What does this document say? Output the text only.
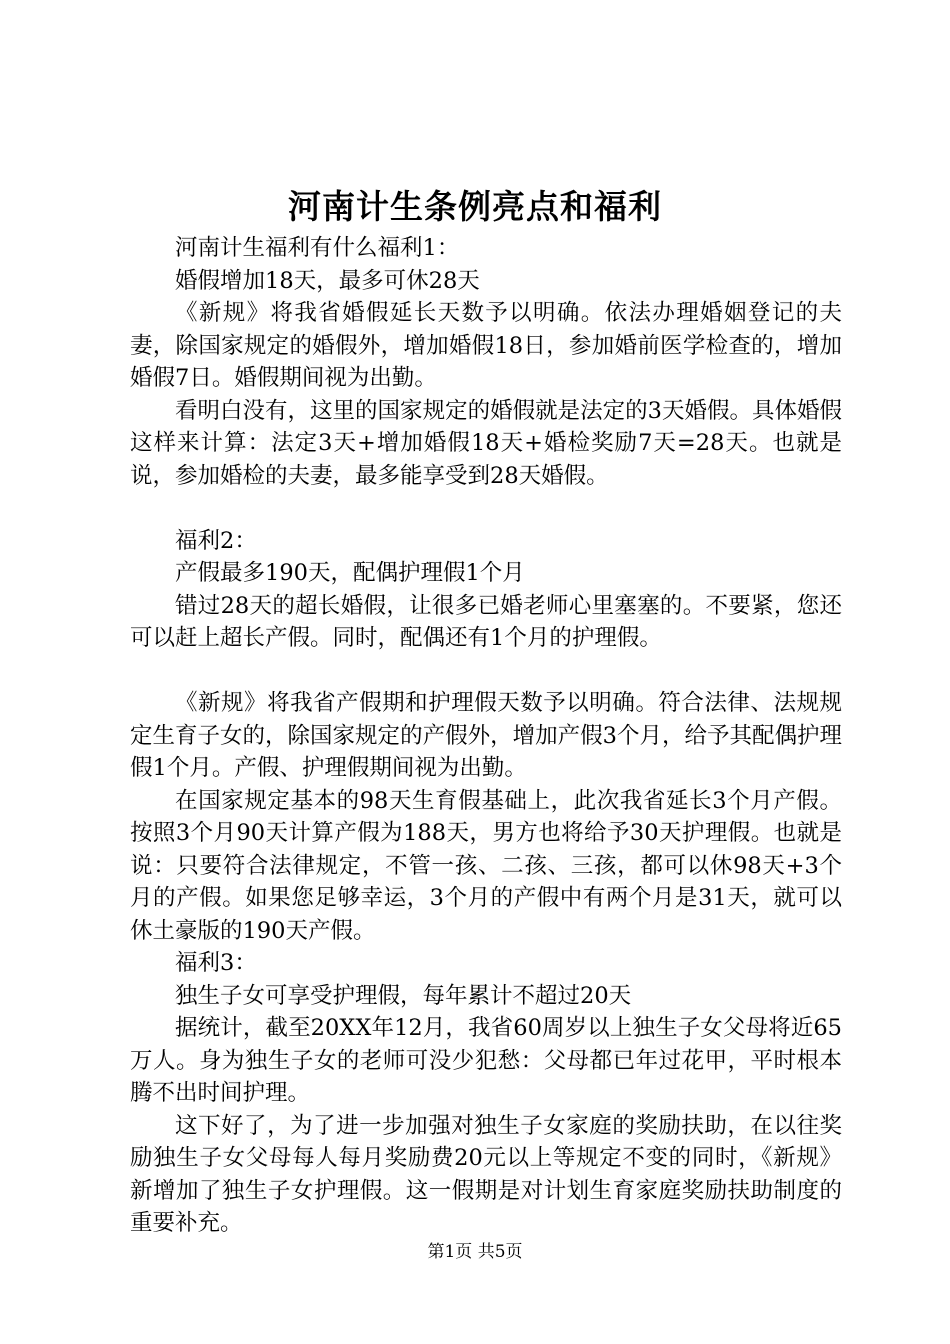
河南计生条例亮点和福利

河南计生福利有什么福利1：

婚假增加18天，最多可休28天

《新规》将我省婚假延长天数予以明确。依法办理婚姻登记的夫妻，除国家规定的婚假外，增加婚假18日，参加婚前医学检查的，增加婚假7日。婚假期间视为出勤。

看明白没有，这里的国家规定的婚假就是法定的3天婚假。具体婚假这样来计算：法定3天+增加婚假18天+婚检奖励7天=28天。也就是说，参加婚检的夫妻，最多能享受到28天婚假。

福利2：

产假最多190天，配偶护理假1个月

错过28天的超长婚假，让很多已婚老师心里塞塞的。不要紧，您还可以赶上超长产假。同时，配偶还有1个月的护理假。

《新规》将我省产假期和护理假天数予以明确。符合法律、法规规定生育子女的，除国家规定的产假外，增加产假3个月，给予其配偶护理假1个月。产假、护理假期间视为出勤。

在国家规定基本的98天生育假基础上，此次我省延长3个月产假。按照3个月90天计算产假为188天，男方也将给予30天护理假。也就是说：只要符合法律规定，不管一孩、二孩、三孩，都可以休98天+3个月的产假。如果您足够幸运，3个月的产假中有两个月是31天，就可以休土豪版的190天产假。

福利3：

独生子女可享受护理假，每年累计不超过20天

据统计，截至20XX年12月，我省60周岁以上独生子女父母将近65万人。身为独生子女的老师可没少犯愁：父母都已年过花甲，平时根本腾不出时间护理。

这下好了，为了进一步加强对独生子女家庭的奖励扶助，在以往奖励独生子女父母每人每月奖励费20元以上等规定不变的同时，《新规》新增加了独生子女护理假。这一假期是对计划生育家庭奖励扶助制度的重要补充。

第1页 共5页
